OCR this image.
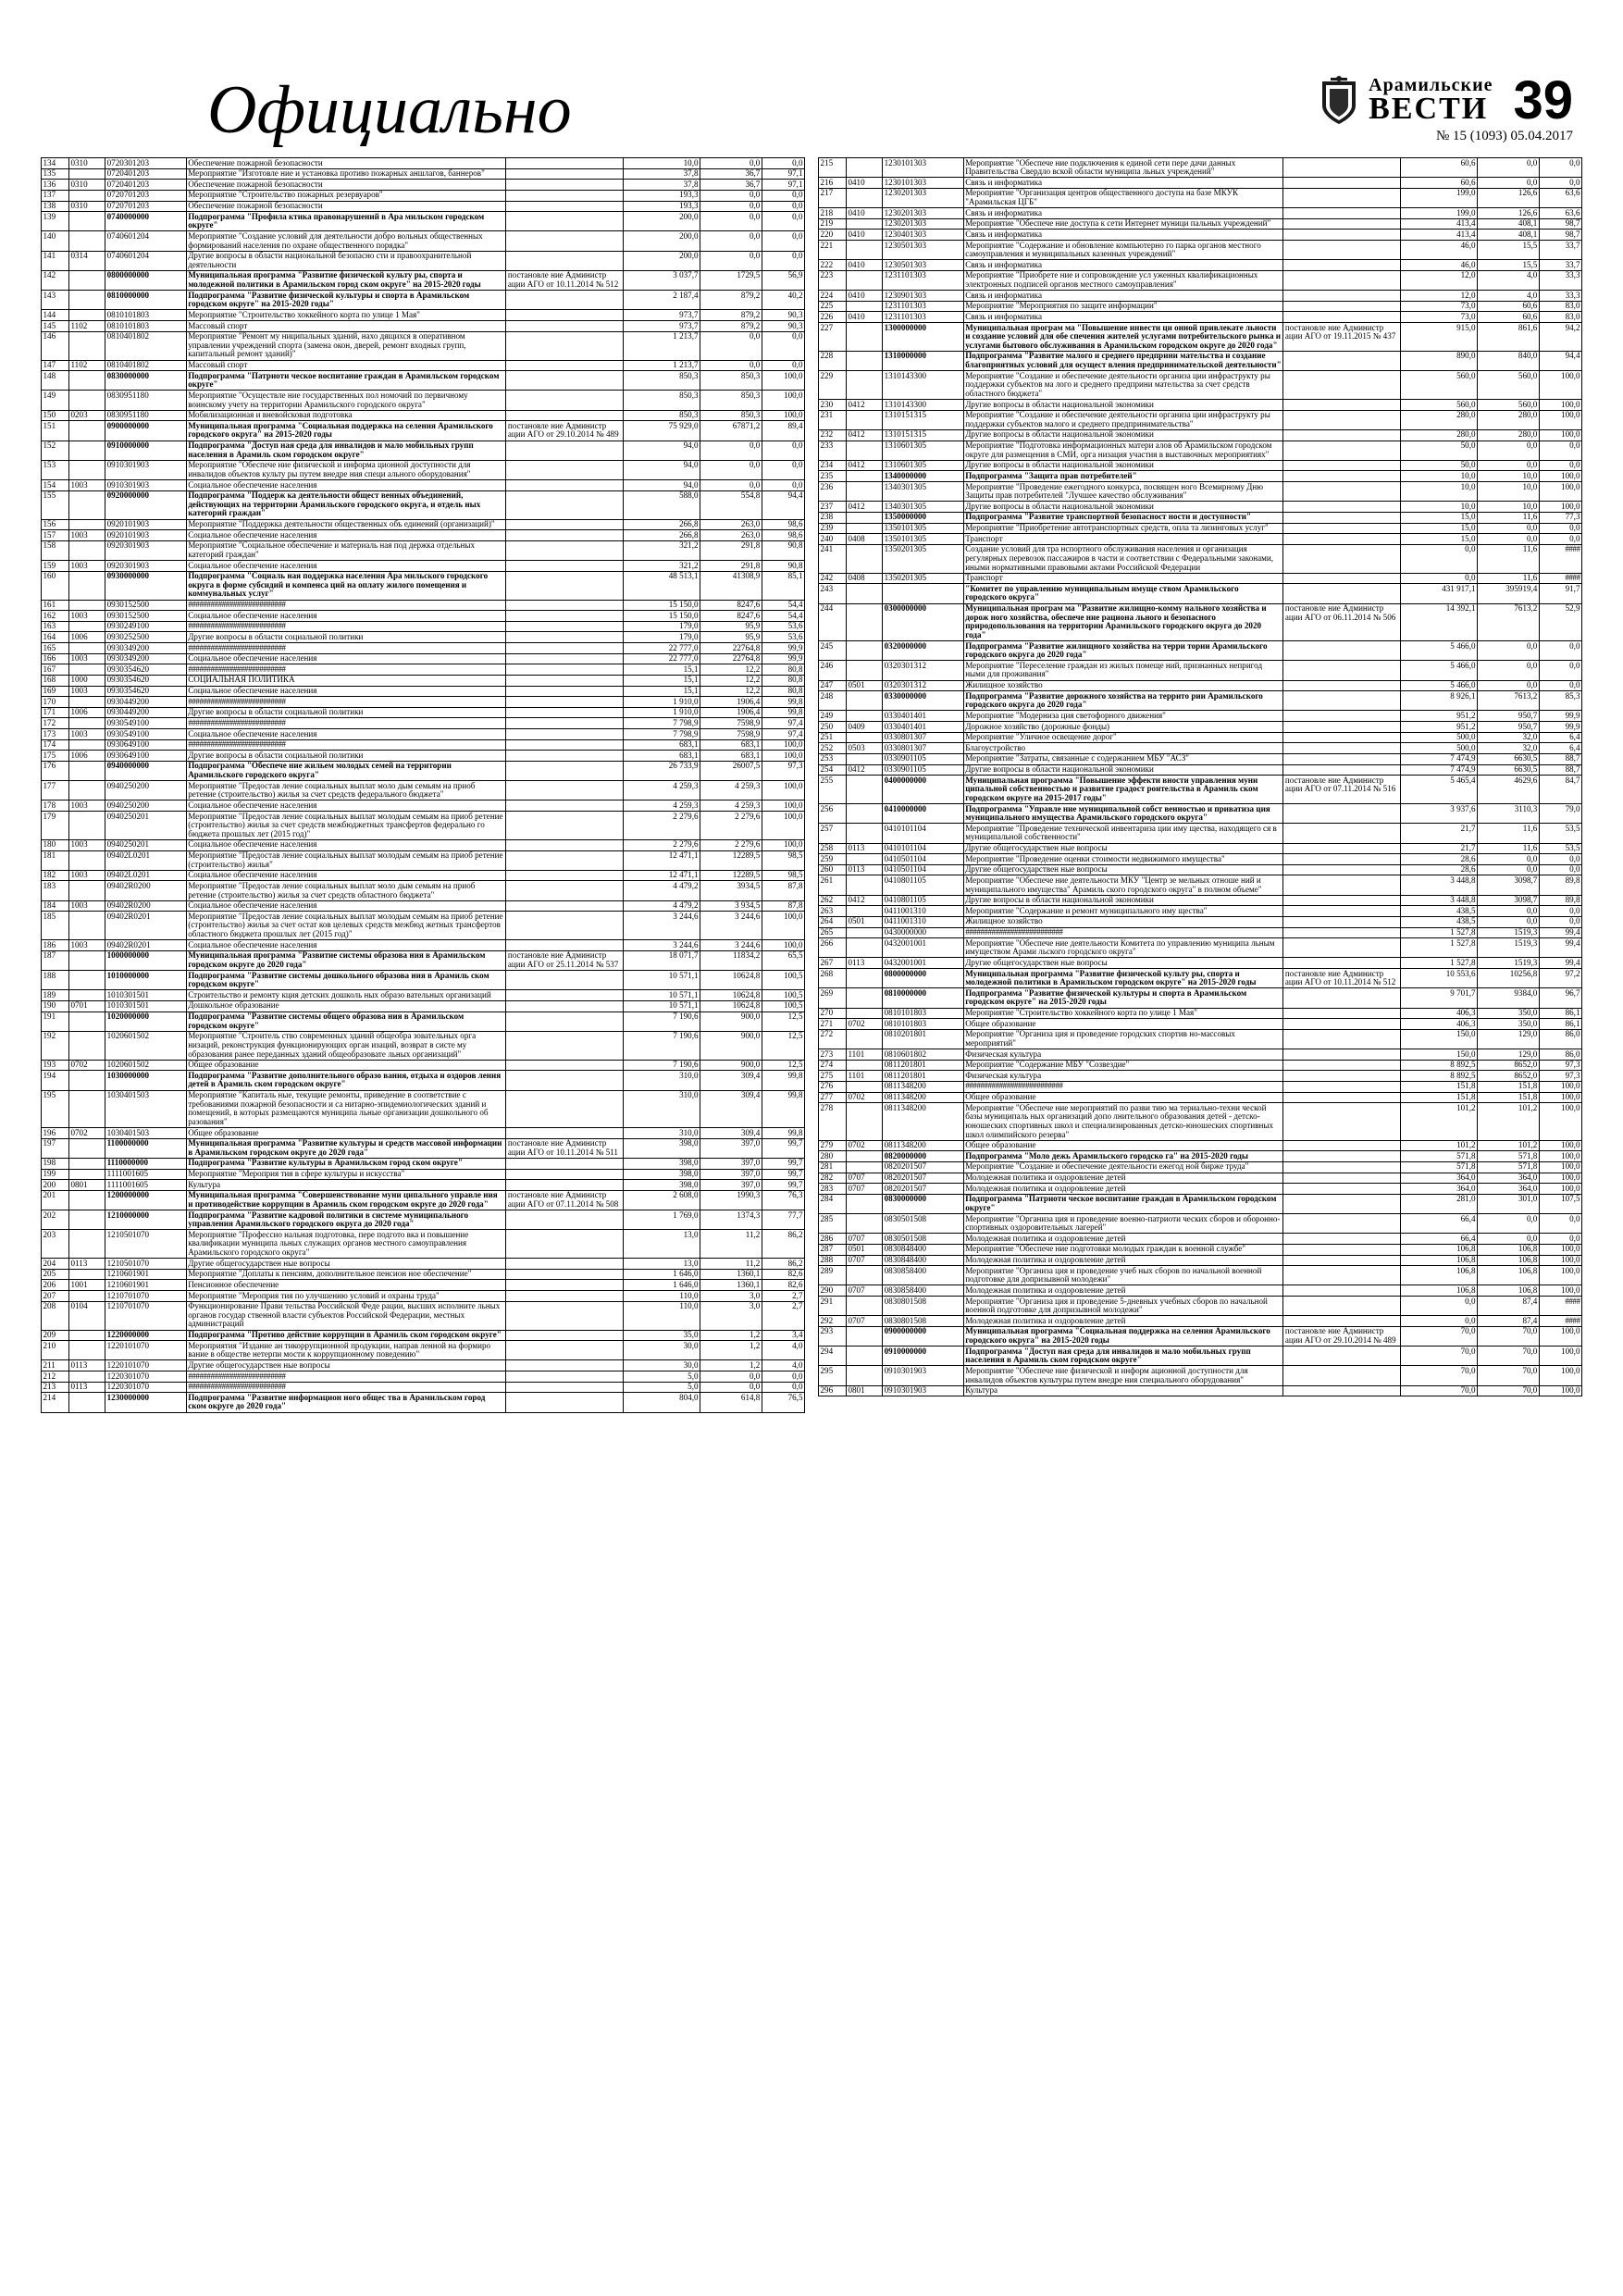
Официально	Арамильские
ВЕСТИ 39
№ 15 (1093) 05.04.2017
134	0310	0720301203	Обеспечение пожарной безопасности		10,0	0,0	0,0
135		0720401203	Мероприятие "Изготовле ние и установка противо пожарных аншлагов, баннеров"		37,8	36,7	97,1
136	0310	0720401203	Обеспечение пожарной безопасности		37,8	36,7	97,1
137		0720701203	Мероприятие "Строительство пожарных резервуаров"		193,3	0,0	0,0
138	0310	0720701203	Обеспечение пожарной безопасности		193,3	0,0	0,0
139		0740000000	Подпрограмма "Профила ктика правонарушений в Ара мильском городском округе"		200,0	0,0	0,0
140		0740601204	Мероприятие "Создание условий для деятельности добро вольных общественных формирований населения по охране общественного порядка"		200,0	0,0	0,0
141	0314	0740601204	Другие вопросы в области национальной безопасно сти и правоохранительной деятельности		200,0	0,0	0,0
142		0800000000	Муниципальная программа "Развитие физической культу ры, спорта и молодежной политики в Арамильском город ском округе" на 2015-2020 годы	постановле ние Администр ации АГО от 10.11.2014 № 512	3 037,7	1729,5	56,9
143		0810000000	Подпрограмма "Развитие физической культуры и спорта в Арамильском городском округе" на 2015-2020 годы"		2 187,4	879,2	40,2
144		0810101803	Мероприятие "Строительство хоккейного корта по улице 1 Мая"		973,7	879,2	90,3
145	1102	0810101803	Массовый спорт		973,7	879,2	90,3
146		0810401802	Мероприятие "Ремонт му ниципальных зданий, нахо дящихся в оперативном управлении учреждений спорта (замена окон, дверей, ремонт входных групп, капитальный ремонт зданий)"		1 213,7	0,0	0,0
147	1102	0810401802	Массовый спорт		1 213,7	0,0	0,0
148		0830000000	Подпрограмма "Патриоти ческое воспитание граждан в Арамильском городском округе"		850,3	850,3	100,0
149		0830951180	Мероприятие "Осуществле ние государственных пол номочий по первичному воинскому учету на территории Арамильского городского округа"		850,3	850,3	100,0
150	0203	0830951180	Мобилизационная и вневойсковая подготовка		850,3	850,3	100,0
151		0900000000	Муниципальная программа "Социальная поддержка на селения Арамильского городского округа" на 2015-2020 годы	постановле ние Администр ации АГО от 29.10.2014 № 489	75 929,0	67871,2	89,4
152		0910000000	Подпрограмма "Доступ ная среда для инвалидов и мало мобильных групп населения в Арамиль ском городском округе"		94,0	0,0	0,0
153		0910301903	Мероприятие "Обеспече ние физической и информа ционной доступности для инвалидов объектов культу ры путем внедре ния специ ального оборудования"		94,0	0,0	0,0
154	1003	0910301903	Социальное обеспечение населения		94,0	0,0	0,0
155		0920000000	Подпрограмма "Поддерж ка деятельности общест венных объединений, действующих на территории Арамильского городского округа, и отдель ных категорий граждан"		588,0	554,8	94,4
156		0920101903	Мероприятие "Поддержка деятельности общественных объ единений (организаций)"		266,8	263,0	98,6
157	1003	0920101903	Социальное обеспечение населения		266,8	263,0	98,6
158		0920301903	Мероприятие "Социальное обеспечение и материаль ная под держка отдельных категорий граждан"		321,2	291,8	90,8
159	1003	0920301903	Социальное обеспечение населения		321,2	291,8	90,8
160		0930000000	Подпрограмма "Социаль ная поддержка населения Ара мильского городского округа в форме субсидий и компенса ций на оплату жилого помещения и коммунальных услуг"		48 513,1	41308,9	85,1
161		0930152500	##########################		15 150,0	8247,6	54,4
162	1003	0930152500	Социальное обеспечение населения		15 150,0	8247,6	54,4
163		0930249100	##########################		179,0	95,9	53,6
164	1006	0930252500	Другие вопросы в области социальной политики		179,0	95,9	53,6
165		0930349200	##########################		22 777,0	22764,8	99,9
166	1003	0930349200	Социальное обеспечение населения		22 777,0	22764,8	99,9
167		0930354620	##########################		15,1	12,2	80,8
168	1000	0930354620	СОЦИАЛЬНАЯ ПОЛИТИКА		15,1	12,2	80,8
169	1003	0930354620	Социальное обеспечение населения		15,1	12,2	80,8
170		0930449200	##########################		1 910,0	1906,4	99,8
171	1006	0930449200	Другие вопросы в области социальной политики		1 910,0	1906,4	99,8
172		0930549100	##########################		7 798,9	7598,9	97,4
173	1003	0930549100	Социальное обеспечение населения		7 798,9	7598,9	97,4
174		0930649100	##########################		683,1	683,1	100,0
175	1006	0930649100	Другие вопросы в области социальной политики		683,1	683,1	100,0
176		0940000000	Подпрограмма "Обеспече ние жильем молодых семей на территории Арамильского городского округа"		26 733,9	26007,5	97,3
177		0940250200	Мероприятие "Предостав ление социальных выплат моло дым семьям на приоб ретение (строительство) жилья за счет средств федерального бюджета"		4 259,3	4 259,3	100,0
178	1003	0940250200	Социальное обеспечение населения		4 259,3	4 259,3	100,0
179		0940250201	Мероприятие "Предостав ление социальных выплат молодым семьям на приоб ретение (строительство) жилья за счет средств межбюджетных трансфертов федерально го бюджета прошлых лет (2015 год)"		2 279,6	2 279,6	100,0
180	1003	0940250201	Социальное обеспечение населения		2 279,6	2 279,6	100,0
181		09402L0201	Мероприятие "Предостав ление социальных выплат молодым семьям на приоб ретение (строительство) жилья"		12 471,1	12289,5	98,5
182	1003	09402L0201	Социальное обеспечение населения		12 471,1	12289,5	98,5
183		09402R0200	Мероприятие "Предостав ление социальных выплат моло дым семьям на приоб ретение (строительство) жилья за счет средств областного бюджета"		4 479,2	3934,5	87,8
184	1003	09402R0200	Социальное обеспечение населения		4 479,2	3 934,5	87,8
185		09402R0201	Мероприятие "Предостав ление социальных выплат молодым семьям на приоб ретение (строительство) жилья за счет остат ков целевых средств межбюд жетных трансфертов областного бюджета прошлых лет (2015 год)"		3 244,6	3 244,6	100,0
186	1003	09402R0201	Социальное обеспечение населения		3 244,6	3 244,6	100,0
187		1000000000	Муниципальная программа "Развитие системы образова ния в Арамильском городском округе до 2020 года"	постановле ние Администр ации АГО от 25.11.2014 № 537	18 071,7	11834,2	65,5
188		1010000000	Подпрограмма "Развитие системы дошкольного образова ния в Арамиль ском городском округе"		10 571,1	10624,8	100,5
189		1010301501	Строительство и ремонту кция детских дошколь ных образо вательных организаций		10 571,1	10624,8	100,5
190	0701	1010301501	Дошкольное образование		10 571,1	10624,8	100,5
191		1020000000	Подпрограмма "Развитие системы общего образова ния в Арамильском городском округе"		7 190,6	900,0	12,5
192		1020601502	Мероприятие "Строитель ство современных зданий общеобра зовательных орга низаций, реконструкция функционирующих орган изаций, возврат в систе му образования ранее переданных зданий общеобразовате льных организаций"		7 190,6	900,0	12,5
193	0702	1020601502	Общее образование		7 190,6	900,0	12,5
194		1030000000	Подпрограмма "Развитие дополнительного образо вания, отдыха и оздоров ления детей в Арамиль ском городском округе"		310,0	309,4	99,8
195		1030401503	Мероприятие "Капиталь ные, текущие ремонты, приведение в соответствие с требованиями пожарной безопасности и са нитарно-эпидемиологических зданий и помещений, в которых размещаются муниципа льные организации дошкольного об разования"		310,0	309,4	99,8
196	0702	1030401503	Общее образование		310,0	309,4	99,8
197		1100000000	Муниципальная программа "Развитие культуры и средств массовой информации в Арамильском городском округе до 2020 года"	постановле ние Администр ации АГО от 10.11.2014 № 511	398,0	397,0	99,7
198		1110000000	Подпрограмма "Развитие культуры в Арамильском город ском округе"		398,0	397,0	99,7
199		1111001605	Мероприятие "Мероприя тия в сфере культуры и искусства"		398,0	397,0	99,7
200	0801	1111001605	Культура		398,0	397,0	99,7
201		1200000000	Муниципальная программа "Совершенствование муни ципального управле ния и противодействие коррупции в Арамиль ском городском округе до 2020 года"	постановле ние Администр ации АГО от 07.11.2014 № 508	2 608,0	1990,3	76,3
202		1210000000	Подпрограмма "Развитие кадровой политики в системе муниципального управления Арамильского городского округа до 2020 года"		1 769,0	1374,3	77,7
203		1210501070	Мероприятие "Профессио нальная подготовка, пере подгото вка и повышение квалификации муниципа льных служащих органов местного самоуправления Арамильского городского округа"		13,0	11,2	86,2
204	0113	1210501070	Другие общегосударствен ные вопросы		13,0	11,2	86,2
205		1210601901	Мероприятие "Доплаты к пенсиям, дополнительное пенсион ное обеспечение"		1 646,0	1360,1	82,6
206	1001	1210601901	Пенсионное обеспечение		1 646,0	1360,1	82,6
207		1210701070	Мероприятие "Мероприя тия по улучшению условий и охраны труда"		110,0	3,0	2,7
208	0104	1210701070	Функционирование Прави тельства Российской Феде рации, высших исполните льных органов государ ственной власти субъектов Российской Федерации, местных администраций		110,0	3,0	2,7
209		1220000000	Подпрограмма "Противо действие коррупции в Арамиль ском городском округе"		35,0	1,2	3,4
210		1220101070	Мероприятия "Издание ан тикоррупционной продукции, направ ленной на формиро вание в обществе нетерпи мости к коррупционному поведению"		30,0	1,2	4,0
211	0113	1220101070	Другие общегосударствен ные вопросы		30,0	1,2	4,0
212		1220301070	##########################		5,0	0,0	0,0
213	0113	1220301070	##########################		5,0	0,0	0,0
214		1230000000	Подпрограмма "Развитие информацион ного общес тва в Арамильском город ском округе до 2020 года"		804,0	614,8	76,5
215		1230101303	Мероприятие "Обеспече ние подключения к единой сети пере дачи данных Правительства Свердло вской области муниципа льных учреждений"		60,6	0,0	0,0
216	0410	1230101303	Связь и информатика		60,6	0,0	0,0
217		1230201303	Мероприятие "Организация центров общественного доступа на базе МКУК "Арамильская ЦГБ"		199,0	126,6	63,6
218	0410	1230201303	Связь и информатика		199,0	126,6	63,6
219		1230201303	Мероприятие "Обеспече ние доступа к сети Интернет муници пальных учреждений"		413,4	408,1	98,7
220	0410	1230401303	Связь и информатика		413,4	408,1	98,7
221		1230501303	Мероприятие "Содержание и обновление компьютерно го парка органов местного самоуправления и муниципальных казенных учреждений"		46,0	15,5	33,7
222	0410	1230501303	Связь и информатика		46,0	15,5	33,7
223		1231101303	Мероприятие "Приобрете ние и сопровождение усл уженных квалификационных электронных подписей органов местного самоуправления"		12,0	4,0	33,3
224	0410	1230901303	Связь и информатика		12,0	4,0	33,3
225		1231101303	Мероприятие "Мероприятия по защите информации"		73,0	60,6	83,0
226	0410	1231101303	Связь и информатика		73,0	60,6	83,0
227		1300000000	Муниципальная програм ма "Повышение инвести ци онной привлекате льности и создание условий для обе спечения жителей услугами потребительского рынка и услугами бытового обслуживания в Арамильском городском округе до 2020 года"	постановле ние Администр ации АГО от 19.11.2015 № 437	915,0	861,6	94,2
228		1310000000	Подпрограмма "Развитие малого и среднего предприни мательства и создание благоприятных условий для осущест вления предпринимательской деятельности"		890,0	840,0	94,4
229		1310143300	Мероприятие "Создание и обеспечение деятельности организа ции инфраструкту ры поддержки субъектов ма лого и среднего предприни мательства за счет средств областного бюджета"		560,0	560,0	100,0
230	0412	1310143300	Другие вопросы в области национальной экономики		560,0	560,0	100,0
231		1310151315	Мероприятие "Создание и обеспечение деятельности организа ции инфраструкту ры поддержки субъектов малого и среднего предпринимательства"		280,0	280,0	100,0
232	0412	1310151315	Другие вопросы в области национальной экономики		280,0	280,0	100,0
233		1310601305	Мероприятие "Подготовка информационных матери алов об Арамильском городском округе для размещения в СМИ, орга низация участия в выставочных мероприятиях"		50,0	0,0	0,0
234	0412	1310601305	Другие вопросы в области национальной экономики		50,0	0,0	0,0
235		1340000000	Подпрограмма "Защита прав потребителей"		10,0	10,0	100,0
236		1340301305	Мероприятие "Проведение ежегодного конкурса, посвящен ного Всемирному Дню Защиты прав потребителей "Лучшее качество обслуживания"		10,0	10,0	100,0
237	0412	1340301305	Другие вопросы в области национальной экономики		10,0	10,0	100,0
238		1350000000	Подпрограмма "Развитие транспортной безопасност ности и доступности"		15,0	11,6	77,3
239		1350101305	Мероприятие "Приобретение автотранспортных средств, опла та лизинговых услуг"		15,0	0,0	0,0
240	0408	1350101305	Транспорт		15,0	0,0	0,0
241		1350201305	Создание условий для тра нспортного обслуживания населения и организация регулярных перевозок пассажиров в части и соответствии с Федеральными законами, иными нормативными правовыми актами Российской Федерации		0,0	11,6	####
242	0408	1350201305	Транспорт		0,0	11,6	####
243			"Комитет по управлению муниципальным имуще ством Арамильского городского округа"		431 917,1	395919,4	91,7
244		0300000000	Муниципальная програм ма "Развитие жилищно-комму нального хозяйства и дорож ного хозяйства, обеспече ние рациона льного и безопасного природопользования на территории Арамильского городского округа до 2020 года"	постановле ние Администр ации АГО от 06.11.2014 № 506	14 392,1	7613,2	52,9
245		0320000000	Подпрограмма "Развитие жилищного хозяйства на терри тории Арамильского городского округа до 2020 года"		5 466,0	0,0	0,0
246		0320301312	Мероприятие "Переселение граждан из жилых помеще ний, признанных непригод ными для проживания"		5 466,0	0,0	0,0
247	0501	0320301312	Жилищное хозяйство		5 466,0	0,0	0,0
248		0330000000	Подпрограмма "Развитие дорожного хозяйства на террито рии Арамильского городского округа до 2020 года"		8 926,1	7613,2	85,3
249		0330401401	Мероприятие "Модерниза ция светофорного движения"		951,2	950,7	99,9
250	0409	0330401401	Дорожное хозяйство (дорожные фонды)		951,2	950,7	99,9
251		0330801307	Мероприятие "Уличное освещение дорог"		500,0	32,0	6,4
252	0503	0330801307	Благоустройство		500,0	32,0	6,4
253		0330901105	Мероприятие "Затраты, связанные с содержанием МБУ "АСЗ"		7 474,9	6630,5	88,7
254	0412	0330901105	Другие вопросы в области национальной экономики		7 474,9	6630,5	88,7
255		0400000000	Муниципальная программа "Повышение эффекти вности управления муни ципальной собственностью и развитие градост роительства в Арамиль ском городском округе на 2015-2017 годы"	постановле ние Администр ации АГО от 07.11.2014 № 516	5 465,4	4629,6	84,7
256		0410000000	Подпрограмма "Управле ние муниципальной собст венностью и приватиза ция муниципального имущества Арамильского городского округа"		3 937,6	3110,3	79,0
257		0410101104	Мероприятие "Проведение технической инвентариза ции иму щества, находящего ся в муниципальной собственности"		21,7	11,6	53,5
258	0113	0410101104	Другие общегосударствен ные вопросы		21,7	11,6	53,5
259		0410501104	Мероприятие "Проведение оценки стоимости недвижимого имущества"		28,6	0,0	0,0
260	0113	0410501104	Другие общегосударствен ные вопросы		28,6	0,0	0,0
261		0410801105	Мероприятие "Обеспече ние деятельности МКУ "Центр зе мельных отноше ний и муниципального имущества" Арамиль ского городского округа" в полном объеме"		3 448,8	3098,7	89,8
262	0412	0410801105	Другие вопросы в области национальной экономики		3 448,8	3098,7	89,8
263		0411001310	Мероприятие "Содержание и ремонт муниципального иму щества"		438,5	0,0	0,0
264	0501	0411001310	Жилищное хозяйство		438,5	0,0	0,0
265		0430000000	##########################		1 527,8	1519,3	99,4
266		0432001001	Мероприятие "Обеспече ние деятельности Комитета по управлению муниципа льным имуществом Арами льского городского округа"		1 527,8	1519,3	99,4
267	0113	0432001001	Другие общегосударствен ные вопросы		1 527,8	1519,3	99,4
268		0800000000	Муниципальная программа "Развитие физической культу ры, спорта и молодежной политики в Арамильском городском округе" на 2015-2020 годы	постановле ние Администр ации АГО от 10.11.2014 № 512	10 553,6	10256,8	97,2
269		0810000000	Подпрограмма "Развитие физической культуры и спорта в Арамильском городском округе" на 2015-2020 годы		9 701,7	9384,0	96,7
270		0810101803	Мероприятие "Строительство хоккейного корта по улице 1 Мая"		406,3	350,0	86,1
271	0702	0810101803	Общее образование		406,3	350,0	86,1
272		0810201801	Мероприятие "Организа ция и проведение городских спортив но-массовых мероприятий"		150,0	129,0	86,0
273	1101	0810601802	Физическая культура		150,0	129,0	86,0
274		0811201801	Мероприятие "Содержание МБУ "Созвездие"		8 892,5	8652,0	97,3
275	1101	0811201801	Физическая культура		8 892,5	8652,0	97,3
276		0811348200	##########################		151,8	151,8	100,0
277	0702	0811348200	Общее образование		151,8	151,8	100,0
278		0811348200	Мероприятие "Обеспече ние мероприятий по разви тию ма териально-техни ческой базы муниципаль ных организаций допо лнительного образования детей - детско-юношеских спортивных школ и специализированных детско-юношеских спортивных школ олимпийского резерва"		101,2	101,2	100,0
279	0702	0811348200	Общее образование		101,2	101,2	100,0
280		0820000000	Подпрограмма "Моло дежь Арамильского городско га" на 2015-2020 годы		571,8	571,8	100,0
281		0820201507	Мероприятие "Создание и обеспечение деятельности ежегод ной бирже труда"		571,8	571,8	100,0
282	0707	0820201507	Молодежная политика и оздоровление детей		364,0	364,0	100,0
283	0707	0820201507	Молодежная политика и оздоровление детей		364,0	364,0	100,0
284		0830000000	Подпрограмма "Патриоти ческое воспитание граждан в Арамильском городском округе"		281,0	301,0	107,5
285		0830501508	Мероприятие "Организа ция и проведение военно-патриоти ческих сборов и оборонно-спортивных оздоровительных лагерей"		66,4	0,0	0,0
286	0707	0830501508	Молодежная политика и оздоровление детей		66,4	0,0	0,0
287	0501	0830848400	Мероприятие "Обеспече ние подготовки молодых граждан к военной службе"		106,8	106,8	100,0
288	0707	0830848400	Молодежная политика и оздоровление детей		106,8	106,8	100,0
289		0830858400	Мероприятие "Организа ция и проведение учеб ных сборов по начальной военной подготовке для допризывной молодежи"		106,8	106,8	100,0
290	0707	0830858400	Молодежная политика и оздоровление детей		106,8	106,8	100,0
291		0830801508	Мероприятие "Организа ция и проведение 5-дневных учебных сборов по начальной военной подготовке для допризывной молодежи"		0,0	87,4	####
292	0707	0830801508	Молодежная политика и оздоровление детей		0,0	87,4	####
293		0900000000	Муниципальная программа "Социальная поддержка на селения Арамильского городского округа" на 2015-2020 годы	постановле ние Администр ации АГО от 29.10.2014 № 489	70,0	70,0	100,0
294		0910000000	Подпрограмма "Доступ ная среда для инвалидов и мало мобильных групп населения в Арамиль ском городском округе"		70,0	70,0	100,0
295		0910301903	Мероприятие "Обеспече ние физической и информ ационной доступности для инвалидов объектов культуры путем внедре ния специального оборудования"		70,0	70,0	100,0
296	0801	0910301903	Культура		70,0	70,0	100,0
